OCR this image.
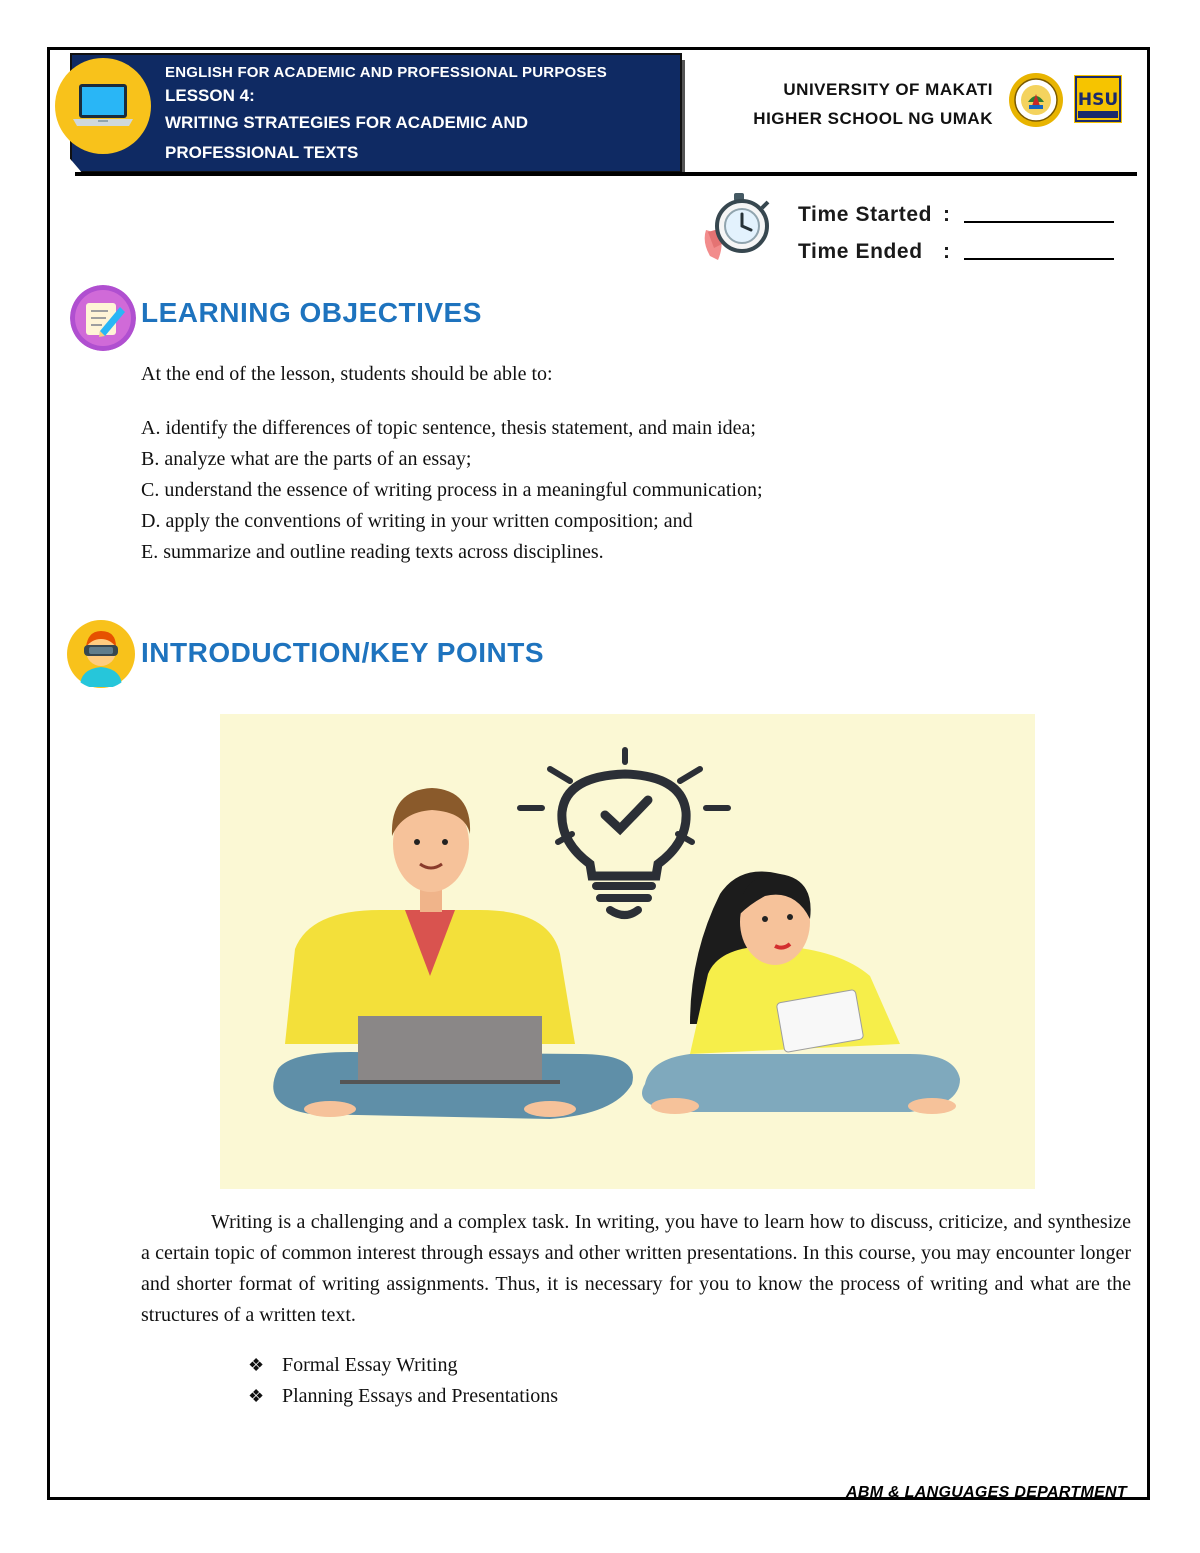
ENGLISH FOR ACADEMIC AND PROFESSIONAL PURPOSES
LESSON 4:
WRITING STRATEGIES FOR ACADEMIC AND
PROFESSIONAL TEXTS
UNIVERSITY OF MAKATI
HIGHER SCHOOL NG UMAK
HSU
Time Started :
Time Ended :
LEARNING OBJECTIVES
At the end of the lesson, students should be able to:
A. identify the differences of topic sentence, thesis statement, and main idea;
B. analyze what are the parts of an essay;
C. understand the essence of writing process in a meaningful communication;
D. apply the conventions of writing in your written composition; and
E. summarize and outline reading texts across disciplines.
INTRODUCTION/KEY POINTS

Writing is a challenging and a complex task. In writing, you have to learn how to discuss, criticize, and synthesize a certain topic of common interest through essays and other written presentations. In this course, you may encounter longer and shorter format of writing assignments. Thus, it is necessary for you to know the process of writing and what are the structures of a written text.

❖ Formal Essay Writing
❖ Planning Essays and Presentations
ABM & LANGUAGES DEPARTMENT
